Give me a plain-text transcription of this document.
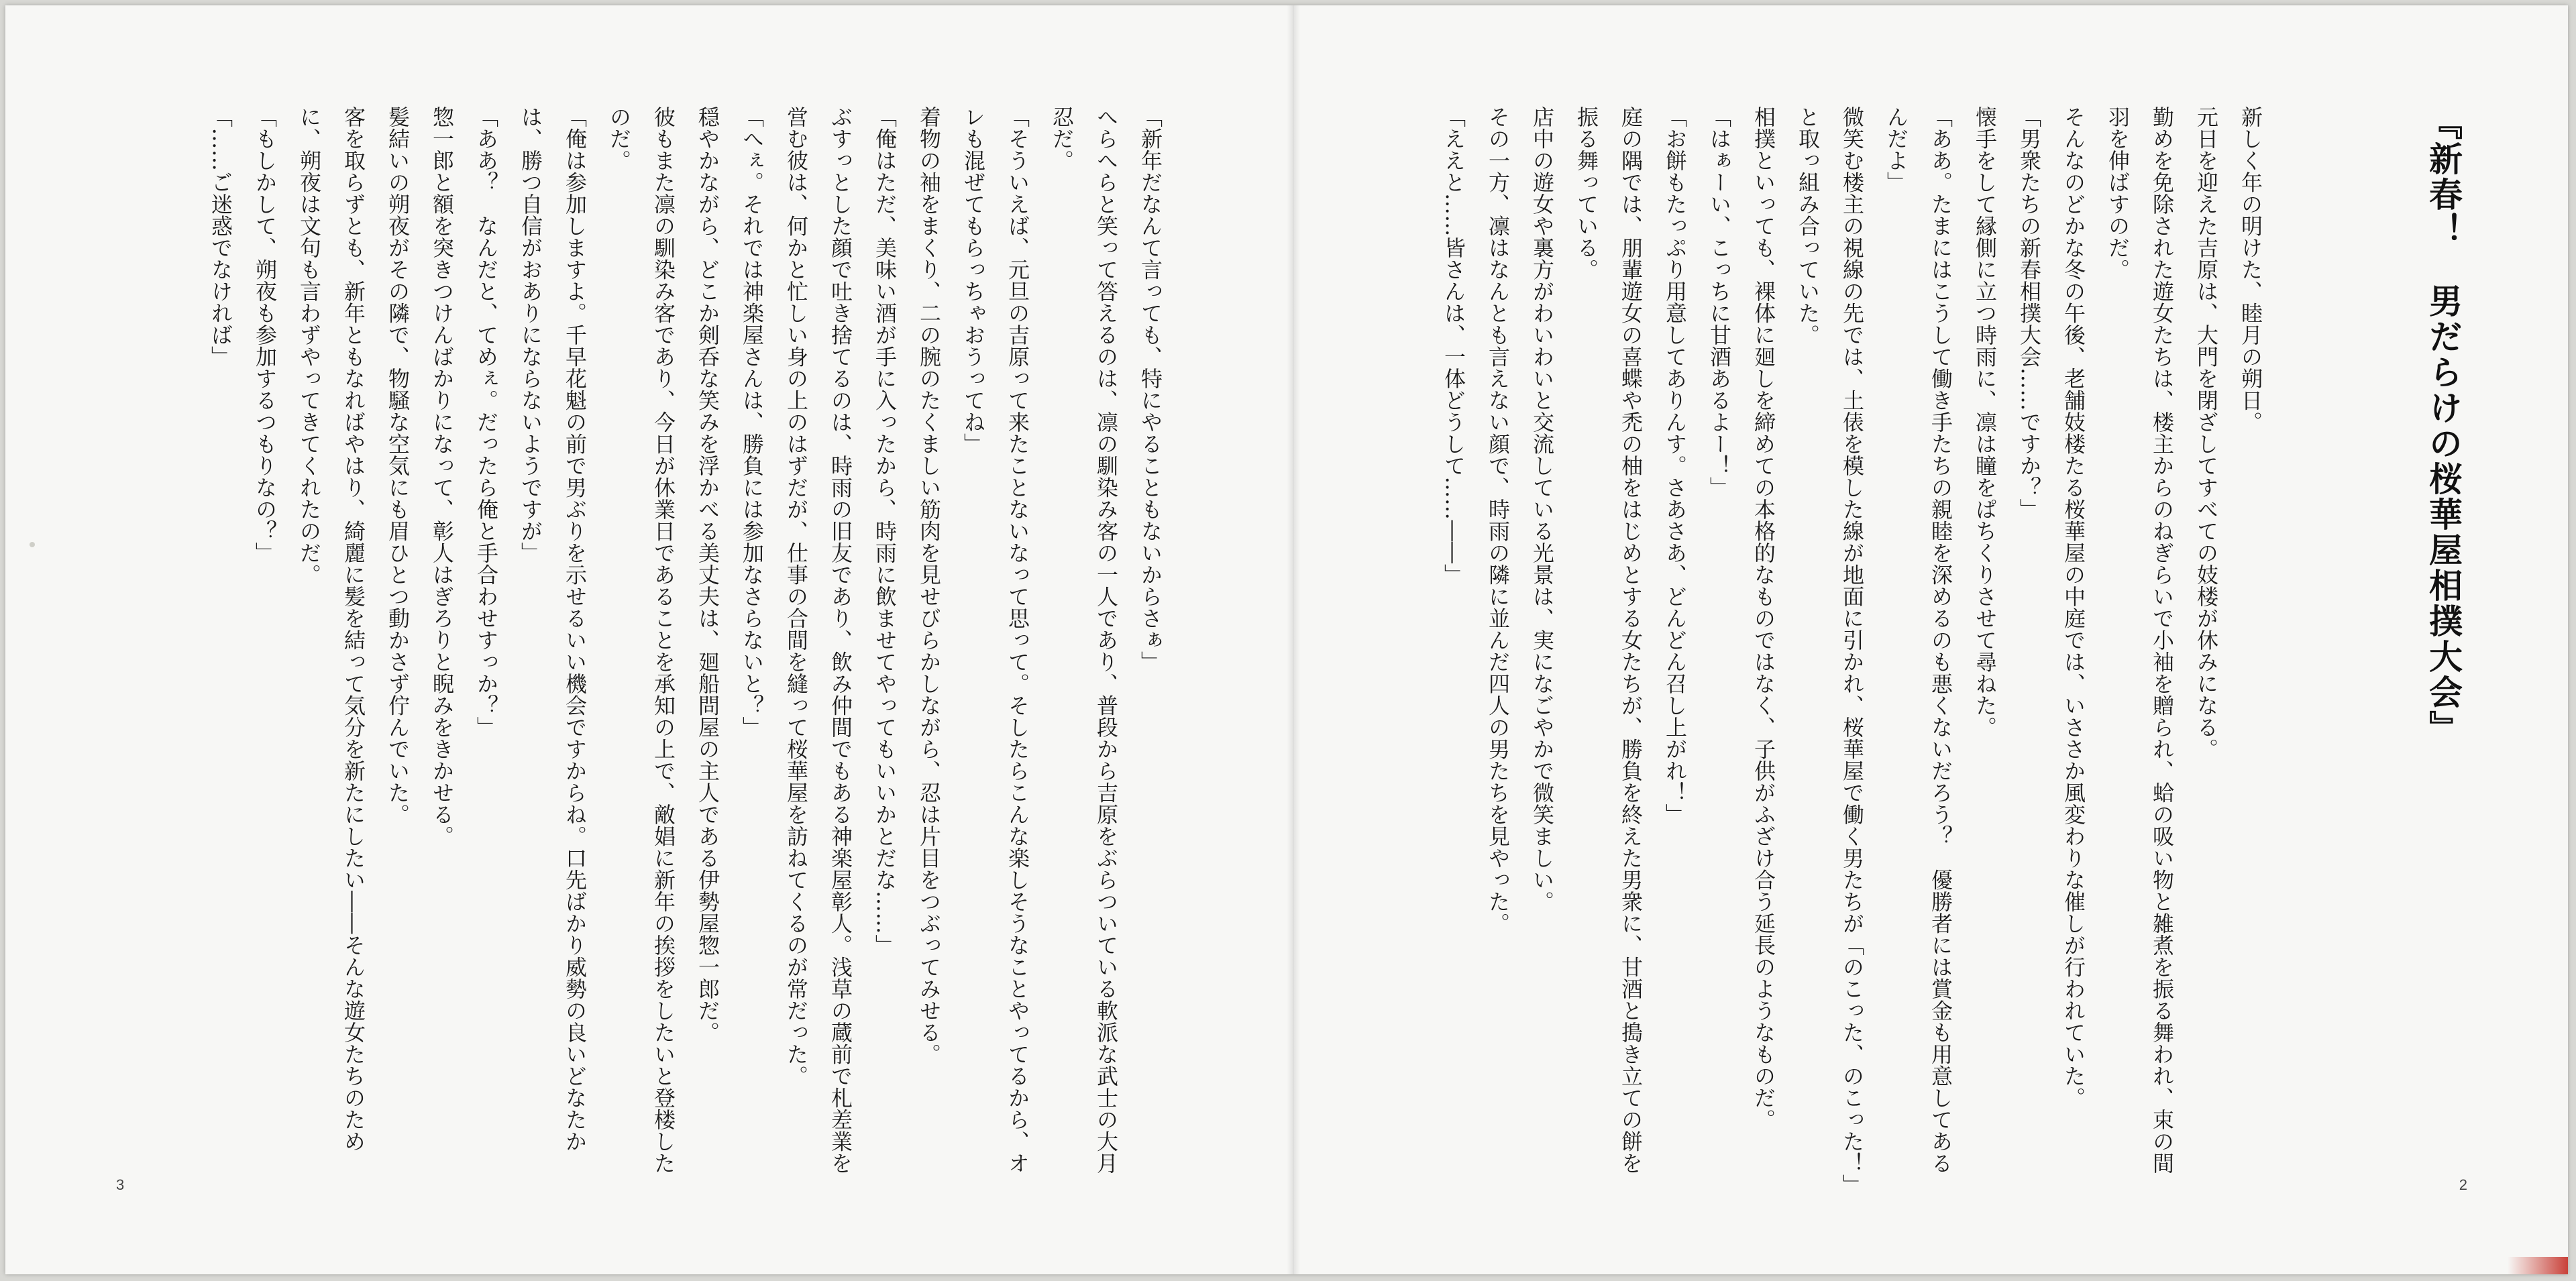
「新年だなんて言っても、特にやることもないからさぁ」
へらへらと笑って答えるのは、凛の馴染み客の一人であり、普段から吉原をぶらついている軟派な武士の大月忍だ。
「そういえば、元旦の吉原って来たことないなって思って。そしたらこんな楽しそうなことやってるから、オレも混ぜてもらっちゃおうってね」
着物の袖をまくり、二の腕のたくましい筋肉を見せびらかしながら、忍は片目をつぶってみせる。
「俺はただ、美味い酒が手に入ったから、時雨に飲ませてやってもいいかとだな……」
ぶすっとした顔で吐き捨てるのは、時雨の旧友であり、飲み仲間でもある神楽屋彰人。浅草の蔵前で札差業を営む彼は、何かと忙しい身の上のはずだが、仕事の合間を縫って桜華屋を訪ねてくるのが常だった。
「へぇ。それでは神楽屋さんは、勝負には参加なさらないと？」
穏やかながら、どこか剣呑な笑みを浮かべる美丈夫は、廻船問屋の主人である伊勢屋惣一郎だ。
彼もまた凛の馴染み客であり、今日が休業日であることを承知の上で、敵娼に新年の挨拶をしたいと登楼したのだ。
「俺は参加しますよ。千早花魁の前で男ぶりを示せるいい機会ですからね。口先ばかり威勢の良いどなたかは、勝つ自信がおありにならないようですが」
「ああ？　なんだと、てめぇ。だったら俺と手合わせすっか？」
惣一郎と額を突きつけんばかりになって、彰人はぎろりと睨みをきかせる。
髪結いの朔夜がその隣で、物騒な空気にも眉ひとつ動かさず佇んでいた。
客を取らずとも、新年ともなればやはり、綺麗に髪を結って気分を新たにしたい――そんな遊女たちのために、朔夜は文句も言わずやってきてくれたのだ。
「もしかして、朔夜も参加するつもりなの？」
「……ご迷惑でなければ」
3
『新春！　男だらけの桜華屋相撲大会』
新しく年の明けた、睦月の朔日。
元日を迎えた吉原は、大門を閉ざしてすべての妓楼が休みになる。
勤めを免除された遊女たちは、楼主からのねぎらいで小袖を贈られ、蛤の吸い物と雑煮を振る舞われ、束の間羽を伸ばすのだ。
そんなのどかな冬の午後、老舗妓楼たる桜華屋の中庭では、いささか風変わりな催しが行われていた。
「男衆たちの新春相撲大会……ですか？」
懐手をして縁側に立つ時雨に、凛は瞳をぱちくりさせて尋ねた。
「ああ。たまにはこうして働き手たちの親睦を深めるのも悪くないだろう？　優勝者には賞金も用意してあるんだよ」
微笑む楼主の視線の先では、土俵を模した線が地面に引かれ、桜華屋で働く男たちが「のこった、のこった！」と取っ組み合っていた。
相撲といっても、裸体に廻しを締めての本格的なものではなく、子供がふざけ合う延長のようなものだ。
「はぁーい、こっちに甘酒あるよー！」
「お餅もたっぷり用意してありんす。さあさあ、どんどん召し上がれ！」
庭の隅では、朋輩遊女の喜蝶や禿の柚をはじめとする女たちが、勝負を終えた男衆に、甘酒と搗き立ての餅を振る舞っている。
店中の遊女や裏方がわいわいと交流している光景は、実になごやかで微笑ましい。
その一方、凛はなんとも言えない顔で、時雨の隣に並んだ四人の男たちを見やった。
「ええと……皆さんは、一体どうして……――」
2
